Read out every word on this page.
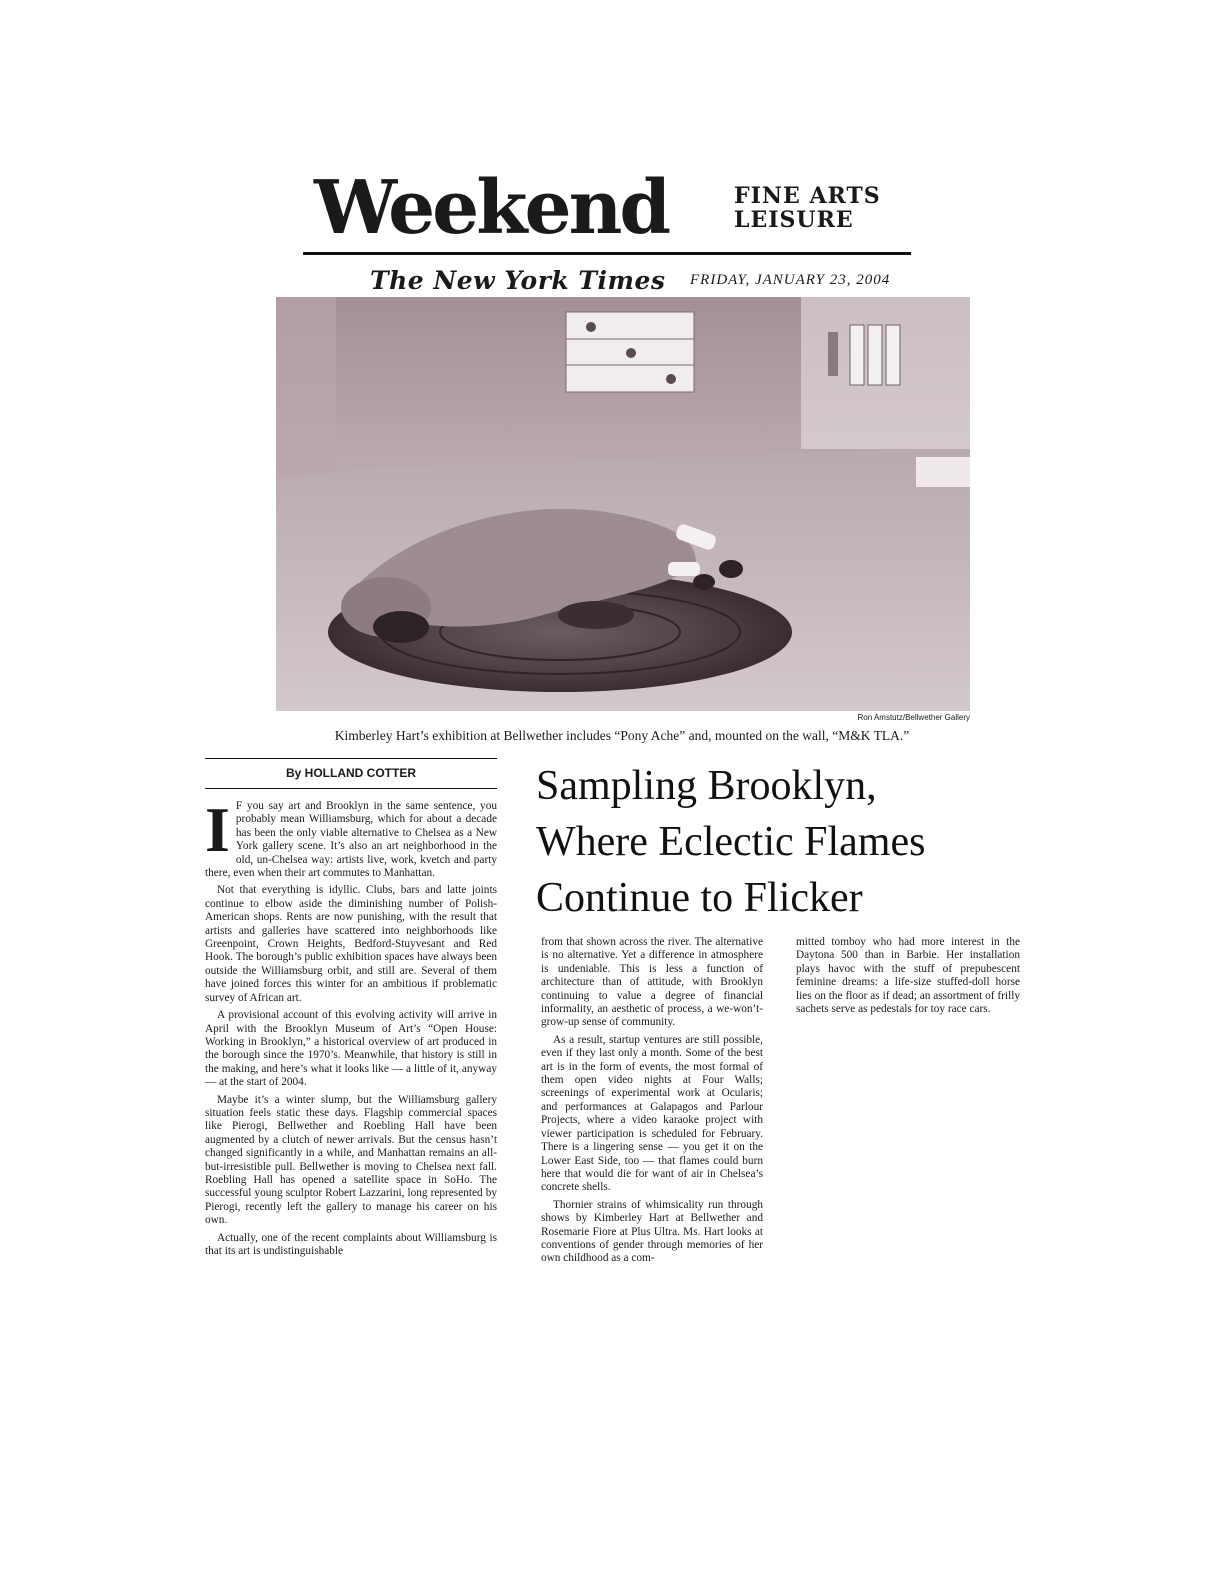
Weekend	FINE ARTS
LEISURE
The New York Times FRIDAY, JANUARY 23, 2004
Ron Amstutz/Bellwether Gallery
Kimberley Hart’s exhibition at Bellwether includes “Pony Ache” and, mounted on the wall, “M&K TLA.”
By HOLLAND COTTER	Sampling Brooklyn,
Where Eclectic Flames
Continue to Flicker

I F you say art and Brooklyn in the same sentence, you probably mean Williamsburg, which for about a decade has been the only viable alternative to Chelsea as a New York gallery scene. It’s also an art neighborhood in the old, un-Chelsea way: artists live, work, kvetch and party there, even when their art commutes to Manhattan.

Not that everything is idyllic. Clubs, bars and latte joints continue to elbow aside the diminishing number of Polish-American shops. Rents are now punishing, with the result that artists and galleries have scattered into neighborhoods like Greenpoint, Crown Heights, Bedford-Stuyvesant and Red Hook. The borough’s public exhibition spaces have always been outside the Williamsburg orbit, and still are. Several of them have joined forces this winter for an ambitious if problematic survey of African art.

A provisional account of this evolving activity will arrive in April with the Brooklyn Museum of Art’s “Open House: Working in Brooklyn,” a historical overview of art produced in the borough since the 1970’s. Meanwhile, that history is still in the making, and here’s what it looks like — a little of it, anyway — at the start of 2004.

Maybe it’s a winter slump, but the Williamsburg gallery situation feels static these days. Flagship commercial spaces like Pierogi, Bellwether and Roebling Hall have been augmented by a clutch of newer arrivals. But the census hasn’t changed significantly in a while, and Manhattan remains an all-but-irresistible pull. Bellwether is moving to Chelsea next fall. Roebling Hall has opened a satellite space in SoHo. The successful young sculptor Robert Lazzarini, long represented by Pierogi, recently left the gallery to manage his career on his own.

Actually, one of the recent complaints about Williamsburg is that its art is undistinguishable

from that shown across the river. The alternative is no alternative. Yet a difference in atmosphere is undeniable. This is less a function of architecture than of attitude, with Brooklyn continuing to value a degree of financial informality, an aesthetic of process, a we-won’t-grow-up sense of community.

As a result, startup ventures are still possible, even if they last only a month. Some of the best art is in the form of events, the most formal of them open video nights at Four Walls; screenings of experimental work at Ocularis; and performances at Galapagos and Parlour Projects, where a video karaoke project with viewer participation is scheduled for February. There is a lingering sense — you get it on the Lower East Side, too — that flames could burn here that would die for want of air in Chelsea’s concrete shells.

Thornier strains of whimsicality run through shows by Kimberley Hart at Bellwether and Rosemarie Fiore at Plus Ultra. Ms. Hart looks at conventions of gender through memories of her own childhood as a com-

mitted tomboy who had more interest in the Daytona 500 than in Barbie. Her installation plays havoc with the stuff of prepubescent feminine dreams: a life-size stuffed-doll horse lies on the floor as if dead; an assortment of frilly sachets serve as pedestals for toy race cars.
